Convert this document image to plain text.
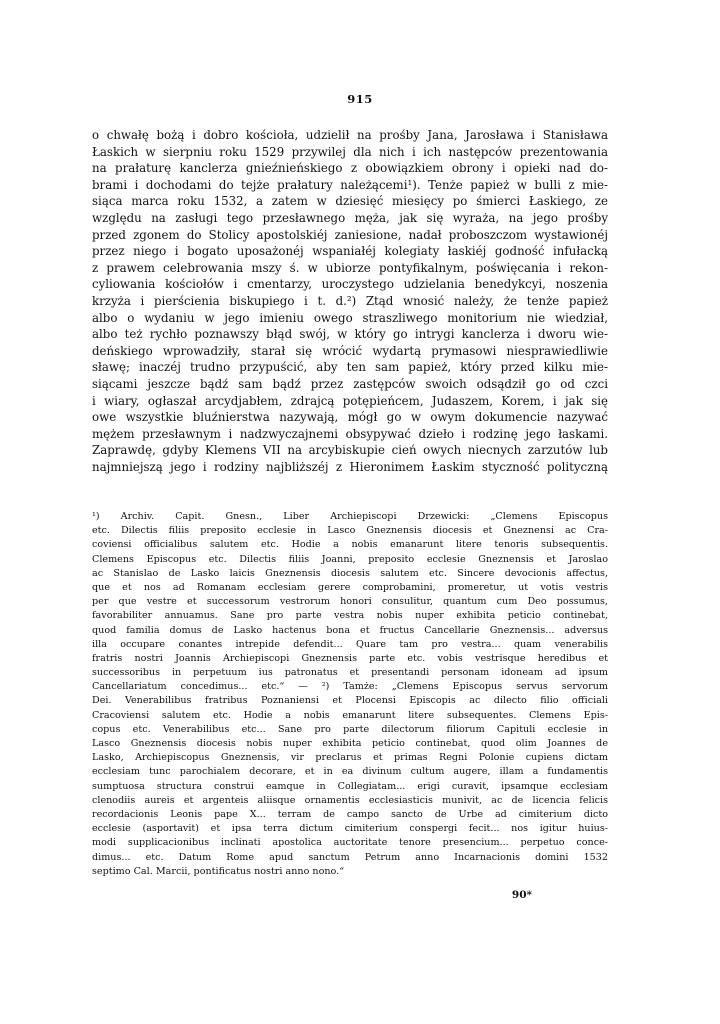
915
o chwałę bożą i dobro kościoła, udzielił na prośby Jana, Jarosława i Stanisława
Łaskich w sierpniu roku 1529 przywilej dla nich i ich następców prezentowania
na prałaturę kanclerza gnieźnieńskiego z obowiązkiem obrony i opieki nad do-
brami i dochodami do tejże prałatury należącemi¹). Tenże papież w bulli z mie-
siąca marca roku 1532, a zatem w dziesięć miesięcy po śmierci Łaskiego, ze
względu na zasługi tego przesławnego męża, jak się wyraża, na jego prośby
przed zgonem do Stolicy apostolskiéj zaniesione, nadał proboszczom wystawionéj
przez niego i bogato uposażonéj wspaniałéj kolegiaty łaskiéj godność infułacką
z prawem celebrowania mszy ś. w ubiorze pontyfikalnym, poświęcania i rekon-
cyliowania kościołów i cmentarzy, uroczystego udzielania benedykcyi, noszenia
krzyża i pierścienia biskupiego i t. d.²) Ztąd wnosić należy, że tenże papież
albo o wydaniu w jego imieniu owego straszliwego monitorium nie wiedział,
albo też rychło poznawszy błąd swój, w który go intrygi kanclerza i dworu wie-
deńskiego wprowadziły, starał się wrócić wydartą prymasowi niesprawiedliwie
sławę; inaczéj trudno przypuścić, aby ten sam papież, który przed kilku mie-
siącami jeszcze bądź sam bądź przez zastępców swoich odsądził go od czci
i wiary, ogłaszał arcydjabłem, zdrajcą potępieńcem, Judaszem, Korem, i jak się
owe wszystkie bluźnierstwa nazywają, mógł go w owym dokumencie nazywać
mężem przesławnym i nadzwyczajnemi obsypywać dzieło i rodzinę jego łaskami.
Zaprawdę, gdyby Klemens VII na arcybiskupie cień owych niecnych zarzutów lub
najmniejszą jego i rodziny najbliższéj z Hieronimem Łaskim styczność polityczną
¹) Archiv. Capit. Gnesn., Liber Archiepiscopi Drzewicki: „Clemens Episcopus
etc. Dilectis filiis preposito ecclesie in Lasco Gneznensis diocesis et Gneznensi ac Cra-
coviensi officialibus salutem etc. Hodie a nobis emanarunt litere tenoris subsequentis.
Clemens Episcopus etc. Dilectis filiis Joanni, preposito ecclesie Gneznensis et Jaroslao
ac Stanislao de Lasko laicis Gneznensis diocesis salutem etc. Sincere devocionis affectus,
que et nos ad Romanam ecclesiam gerere comprobamini, promeretur, ut votis vestris
per que vestre et successorum vestrorum honori consulitur, quantum cum Deo possumus,
favorabiliter annuamus. Sane pro parte vestra nobis nuper exhibita peticio continebat,
quod familia domus de Lasko hactenus bona et fructus Cancellarie Gneznensis... adversus
illa occupare conantes intrepide defendit... Quare tam pro vestra... quam venerabilis
fratris nostri Joannis Archiepiscopi Gneznensis parte etc. vobis vestrisque heredibus et
successoribus in perpetuum ius patronatus et presentandi personam idoneam ad ipsum
Cancellariatum concedimus... etc.“ — ²) Tamże: „Clemens Episcopus servus servorum
Dei. Venerabilibus fratribus Poznaniensi et Plocensi Episcopis ac dilecto filio officiali
Cracoviensi salutem etc. Hodie a nobis emanarunt litere subsequentes. Clemens Epis-
copus etc. Venerabilibus etc... Sane pro parte dilectorum filiorum Capituli ecclesie in
Lasco Gneznensis diocesis nobis nuper exhibita peticio continebat, quod olim Joannes de
Lasko, Archiepiscopus Gneznensis, vir preclarus et primas Regni Polonie cupiens dictam
ecclesiam tunc parochialem decorare, et in ea divinum cultum augere, illam a fundamentis
sumptuosa structura construi eamque in Collegiatam... erigi curavit, ipsamque ecclesiam
clenodiis aureis et argenteis aliisque ornamentis ecclesiasticis munivit, ac de licencia felicis
recordacionis Leonis pape X... terram de campo sancto de Urbe ad cimiterium dicto
ecclesie (asportavit) et ipsa terra dictum cimiterium conspergi fecit... nos igitur huius-
modi supplicacionibus inclinati apostolica auctoritate tenore presencium... perpetuo conce-
dimus... etc. Datum Rome apud sanctum Petrum anno Incarnacionis domini 1532
septimo Cal. Marcii, pontificatus nostri anno nono.“
90*
